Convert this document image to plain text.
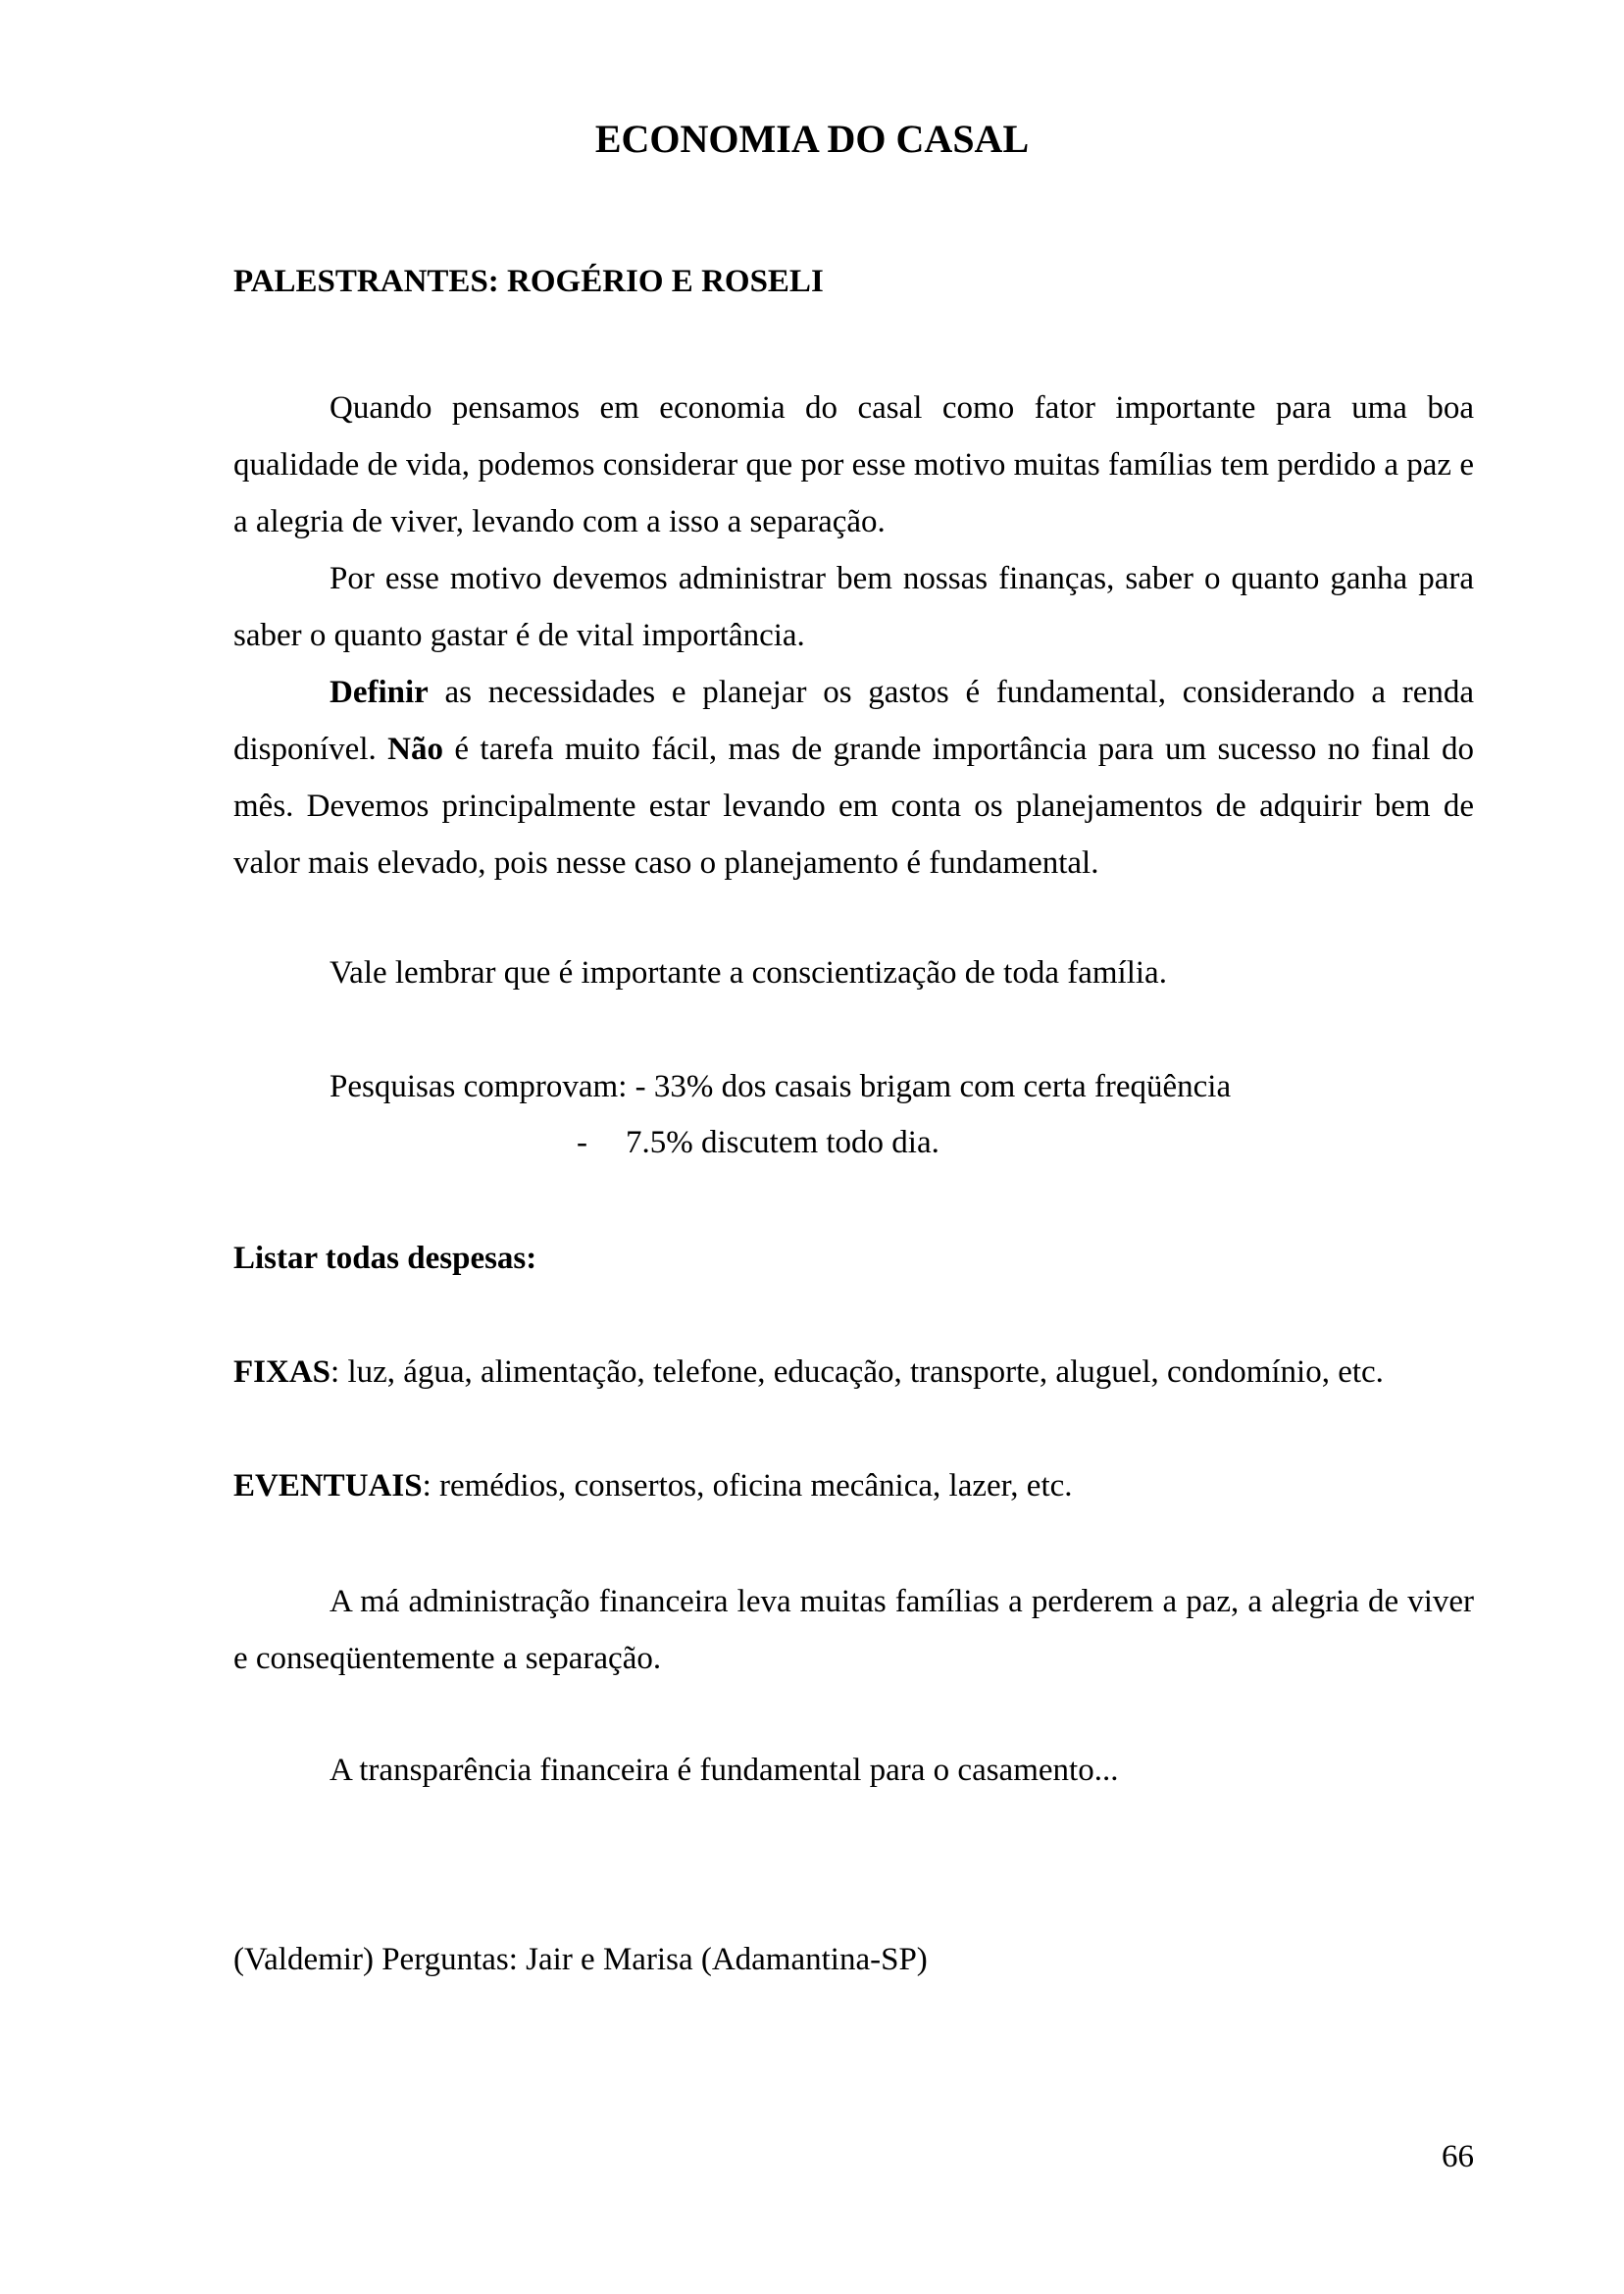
ECONOMIA DO CASAL
PALESTRANTES: ROGÉRIO E ROSELI
Quando pensamos em economia do casal como fator importante para uma boa qualidade de vida, podemos considerar que por esse motivo muitas famílias tem perdido a paz e a alegria de viver, levando com a isso a separação.
Por esse motivo devemos administrar bem nossas finanças, saber o quanto ganha para saber o quanto gastar é de vital importância.
Definir as necessidades e planejar os gastos é fundamental, considerando a renda disponível. Não é tarefa muito fácil, mas de grande importância para um sucesso no final do mês. Devemos principalmente estar levando em conta os planejamentos de adquirir bem de valor mais elevado, pois nesse caso o planejamento é fundamental.
Vale lembrar que é importante a conscientização de toda família.
Pesquisas comprovam: - 33% dos casais brigam com certa freqüência
- 7.5% discutem todo dia.
Listar todas despesas:
FIXAS: luz, água, alimentação, telefone, educação, transporte, aluguel, condomínio, etc.
EVENTUAIS: remédios, consertos, oficina mecânica, lazer, etc.
A má administração financeira leva muitas famílias a perderem a paz, a alegria de viver e conseqüentemente a separação.
A transparência financeira é fundamental para o casamento...
(Valdemir) Perguntas: Jair e Marisa (Adamantina-SP)
66
